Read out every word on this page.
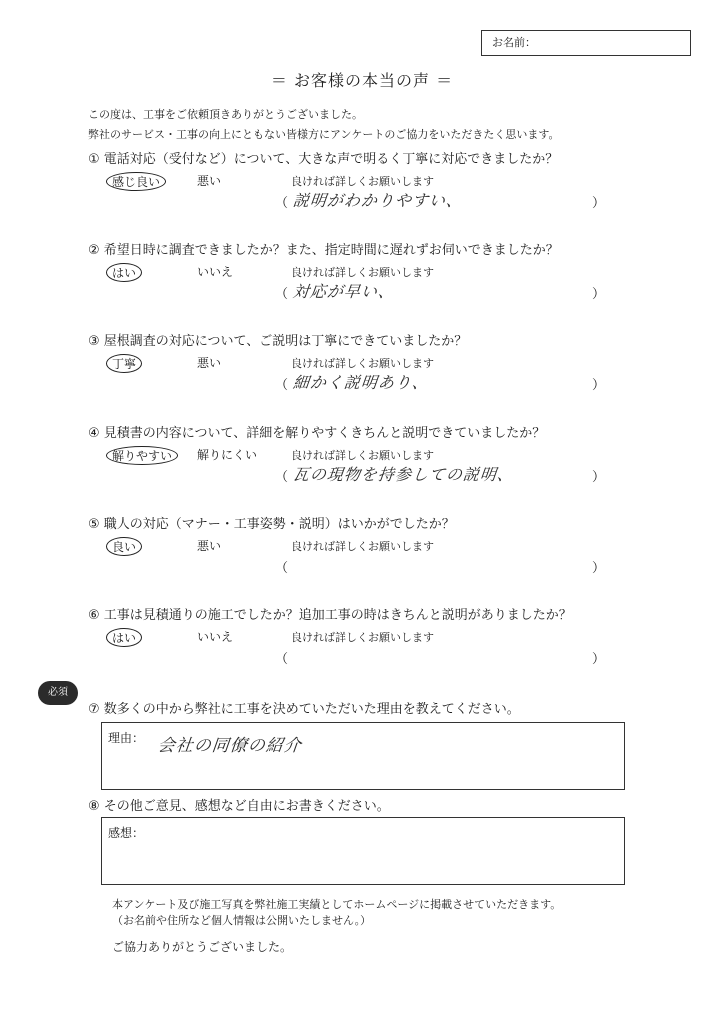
お名前：
＝ お客様の本当の声 ＝
この度は、工事をご依頼頂きありがとうございました。
弊社のサービス・工事の向上にともない皆様方にアンケートのご協力をいただきたく思います。
① 電話対応（受付など）について、大きな声で明るく丁寧に対応できましたか？
感じ良い	悪い	良ければ詳しくお願いします
（	）
説明がわかりやすい、
② 希望日時に調査できましたか？また、指定時間に遅れずお伺いできましたか？
はい	いいえ	良ければ詳しくお願いします
（	）
対応が早い、
③ 屋根調査の対応について、ご説明は丁寧にできていましたか？
丁寧	悪い	良ければ詳しくお願いします
（	）
細かく説明あり、
④ 見積書の内容について、詳細を解りやすくきちんと説明できていましたか？
解りやすい	解りにくい	良ければ詳しくお願いします
（	）
瓦の現物を持参しての説明、
⑤ 職人の対応（マナー・工事姿勢・説明）はいかがでしたか？
良い	悪い	良ければ詳しくお願いします
（	）
⑥ 工事は見積通りの施工でしたか？追加工事の時はきちんと説明がありましたか？
はい	いいえ	良ければ詳しくお願いします
（	）
必須
⑦ 数多くの中から弊社に工事を決めていただいた理由を教えてください。
理由： 会社の同僚の紹介
⑧ その他ご意見、感想など自由にお書きください。
感想：
本アンケート及び施工写真を弊社施工実績としてホームページに掲載させていただきます。
（お名前や住所など個人情報は公開いたしません。）
ご協力ありがとうございました。
